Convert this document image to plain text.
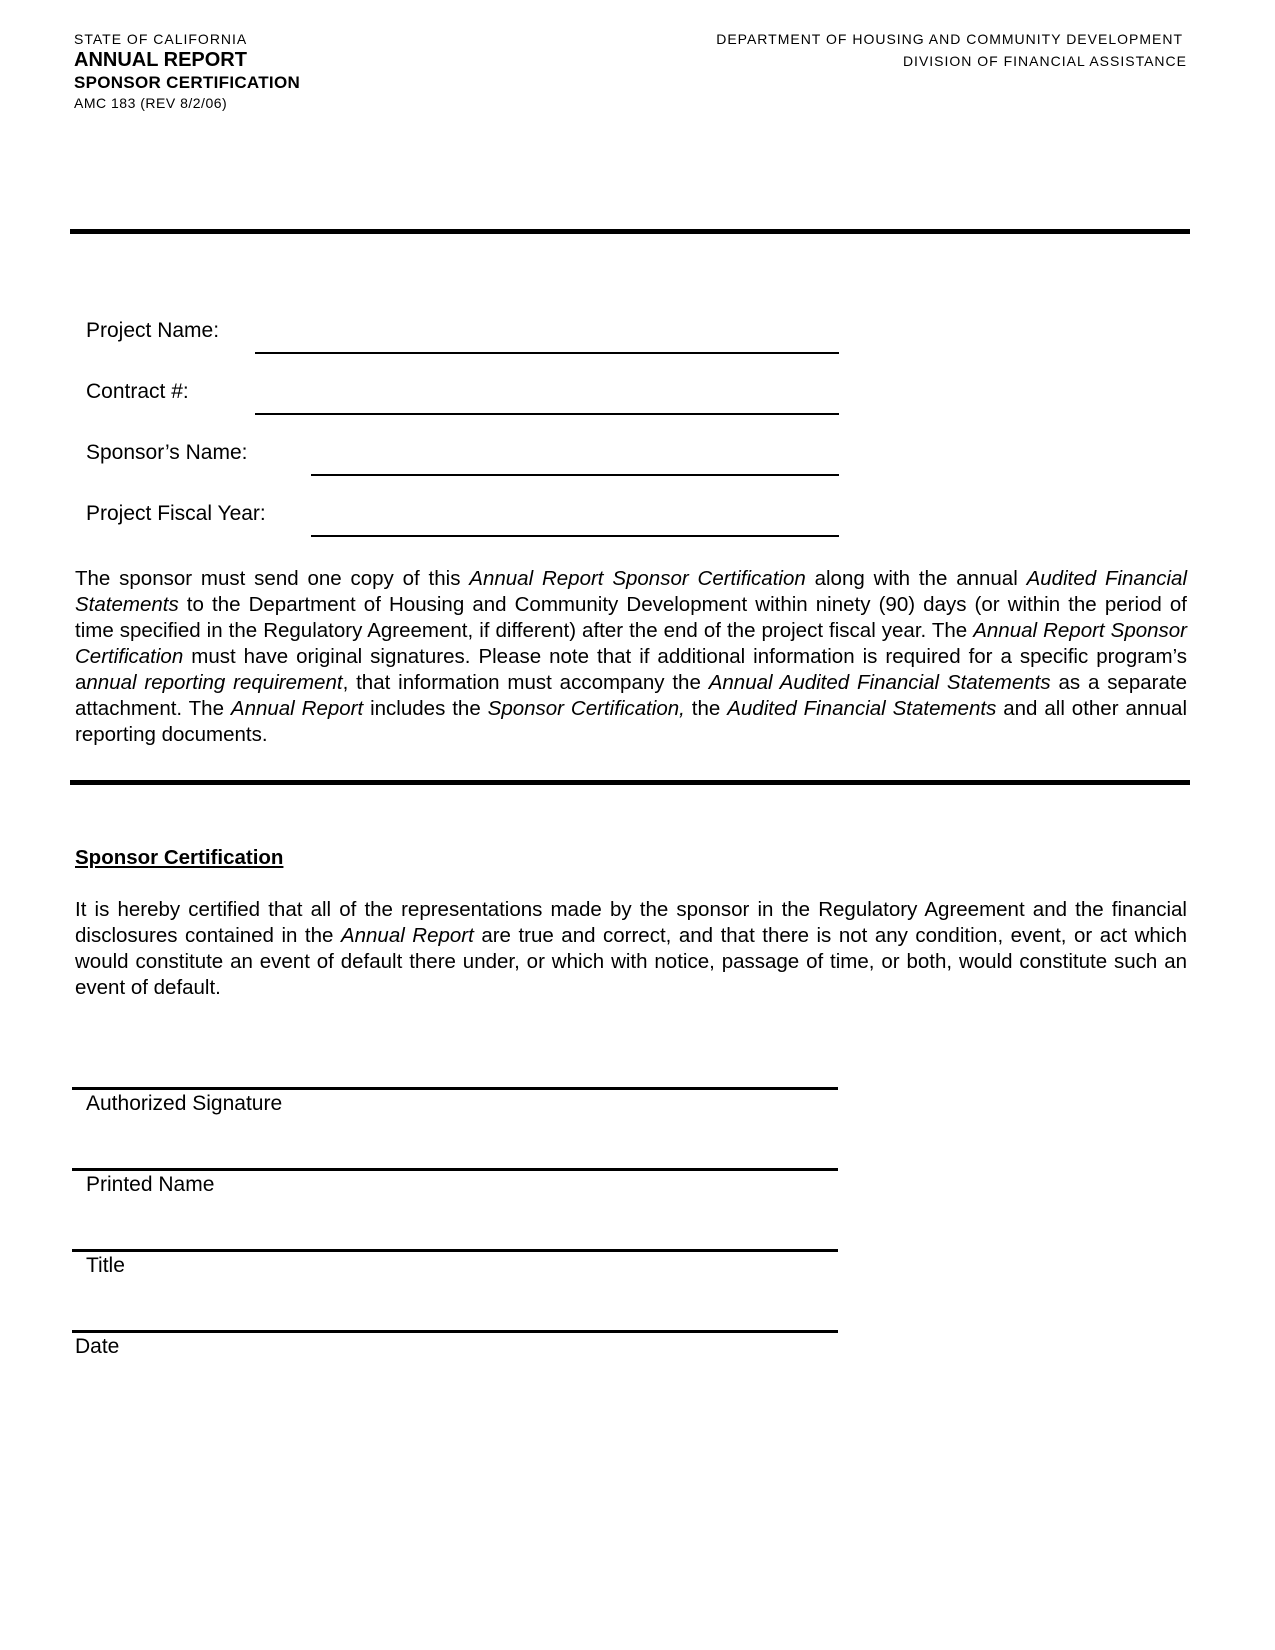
STATE OF CALIFORNIA
ANNUAL REPORT
SPONSOR CERTIFICATION
AMC 183 (REV 8/2/06)
DEPARTMENT OF HOUSING AND COMMUNITY DEVELOPMENT
DIVISION OF FINANCIAL ASSISTANCE
Project Name:
Contract #:
Sponsor’s Name:
Project Fiscal Year:
The sponsor must send one copy of this Annual Report Sponsor Certification along with the annual Audited Financial Statements to the Department of Housing and Community Development within ninety (90) days (or within the period of time specified in the Regulatory Agreement, if different) after the end of the project fiscal year. The Annual Report Sponsor Certification must have original signatures. Please note that if additional information is required for a specific program’s annual reporting requirement, that information must accompany the Annual Audited Financial Statements as a separate attachment. The Annual Report includes the Sponsor Certification, the Audited Financial Statements and all other annual reporting documents.
Sponsor Certification
It is hereby certified that all of the representations made by the sponsor in the Regulatory Agreement and the financial disclosures contained in the Annual Report are true and correct, and that there is not any condition, event, or act which would constitute an event of default there under, or which with notice, passage of time, or both, would constitute such an event of default.
Authorized Signature
Printed Name
Title
Date
